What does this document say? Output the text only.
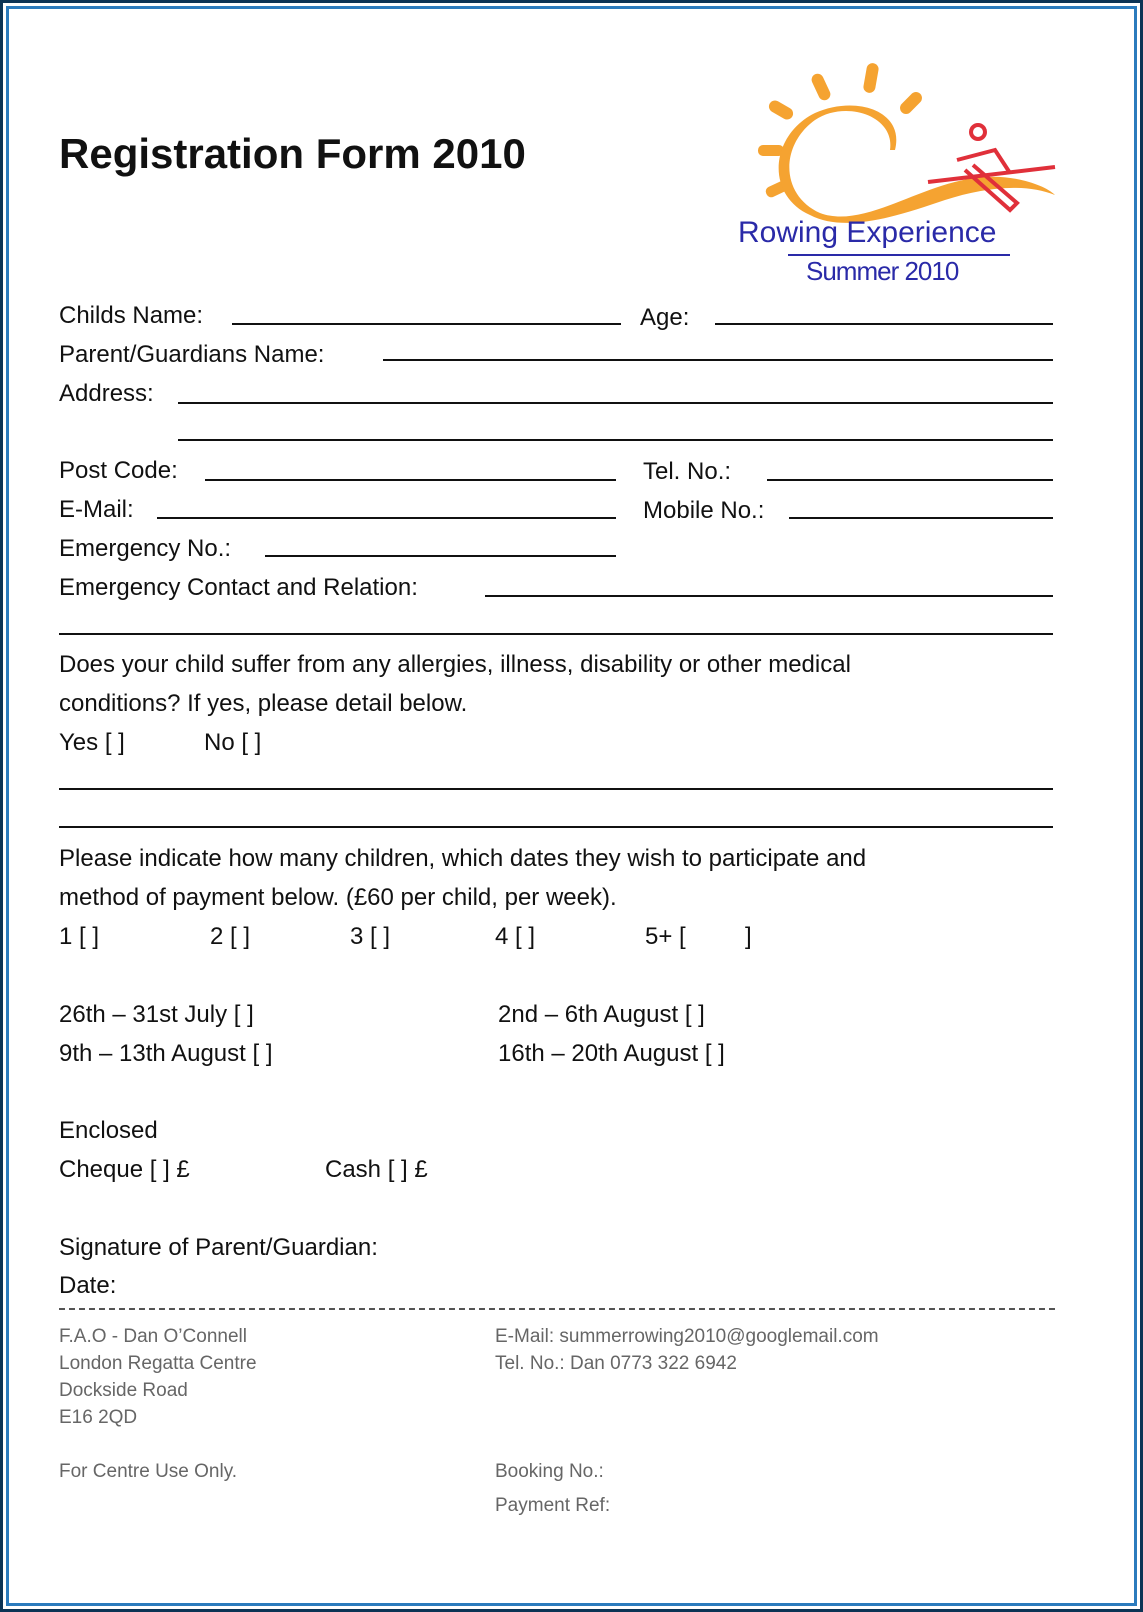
Registration Form 2010
Rowing Experience
Summer 2010
Childs Name:	Age:
Parent/Guardians Name:
Address:
Post Code:	Tel. No.:
E-Mail:	Mobile No.:
Emergency No.:
Emergency Contact and Relation:
Does your child suffer from any allergies, illness, disability or other medical
conditions? If yes, please detail below.
Yes [ ]	No [ ]
Please indicate how many children, which dates they wish to participate and
method of payment below. (£60 per child, per week).
1 [ ]	2 [ ]	3 [ ]	4 [ ]	5+ [ ]
26th – 31st July [ ]	2nd – 6th August [ ]
9th – 13th August [ ]	16th – 20th August [ ]
Enclosed
Cheque [ ] £	Cash [ ] £
Signature of Parent/Guardian:
Date:
F.A.O - Dan O’Connell
London Regatta Centre
Dockside Road
E16 2QD
E-Mail: summerrowing2010@googlemail.com
Tel. No.: Dan 0773 322 6942
For Centre Use Only.	Booking No.:
Payment Ref:
